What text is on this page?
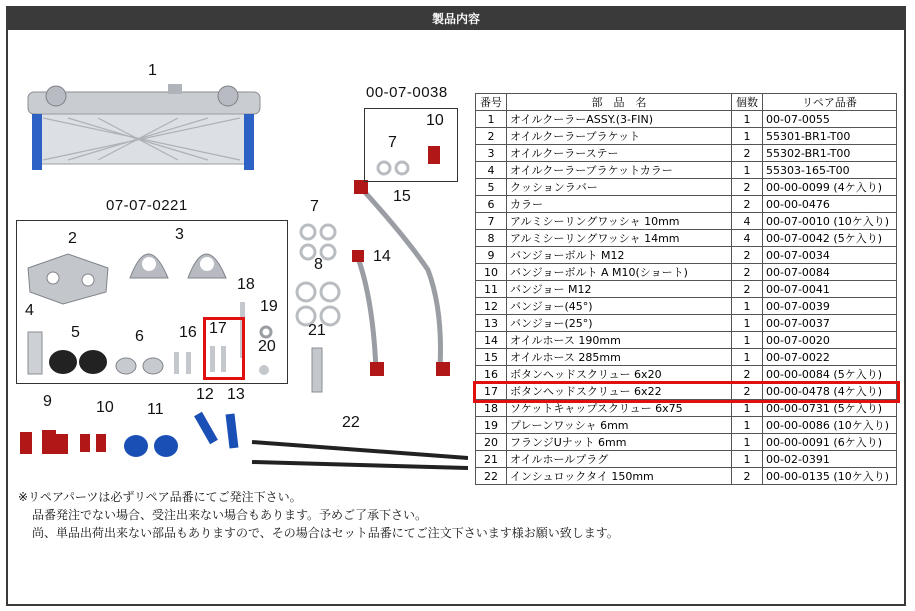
製品内容
00-07-0038
07-07-0221
1
2	3
4
5	6 16 17
18
19
20
7
8
21
7
10
15
14
9	10 11
12 13
22
番号	部　品　名	個数	リペア品番
1	オイルクーラーASSY.(3-FIN)	1	00-07-0055
2	オイルクーラーブラケット	1	55301-BR1-T00
3	オイルクーラーステー	2	55302-BR1-T00
4	オイルクーラーブラケットカラー	1	55303-165-T00
5	クッションラバー	2	00-00-0099 (4ケ入り)
6	カラー	2	00-00-0476
7	アルミシーリングワッシャ 10mm	4	00-07-0010 (10ケ入り)
8	アルミシーリングワッシャ 14mm	4	00-07-0042 (5ケ入り)
9	バンジョーボルト M12	2	00-07-0034
10	バンジョーボルト A M10(ショート)	2	00-07-0084
11	バンジョー M12	2	00-07-0041
12	バンジョー(45°)	1	00-07-0039
13	バンジョー(25°)	1	00-07-0037
14	オイルホース 190mm	1	00-07-0020
15	オイルホース 285mm	1	00-07-0022
16	ボタンヘッドスクリュー 6x20	2	00-00-0084 (5ケ入り)
17	ボタンヘッドスクリュー 6x22	2	00-00-0478 (4ケ入り)
18	ソケットキャップスクリュー 6x75	1	00-00-0731 (5ケ入り)
19	プレーンワッシャ 6mm	1	00-00-0086 (10ケ入り)
20	フランジUナット 6mm	1	00-00-0091 (6ケ入り)
21	オイルホールプラグ	1	00-02-0391
22	インシュロックタイ 150mm	2	00-00-0135 (10ケ入り)
※リペアパーツは必ずリペア品番にてご発注下さい。
品番発注でない場合、受注出来ない場合もあります。予めご了承下さい。
尚、単品出荷出来ない部品もありますので、その場合はセット品番にてご注文下さいます様お願い致します。
